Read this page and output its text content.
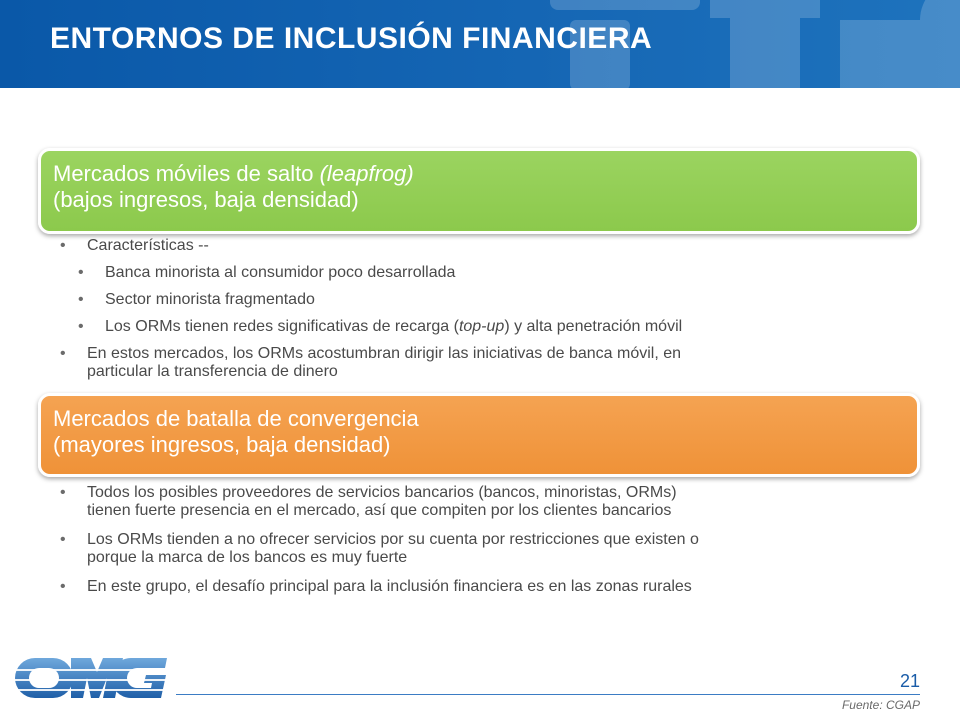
ENTORNOS DE INCLUSIÓN FINANCIERA
Mercados móviles de salto (leapfrog)
(bajos ingresos, baja densidad)
• Características --
• Banca minorista al consumidor poco desarrollada
• Sector minorista fragmentado
• Los ORMs tienen redes significativas de recarga (top-up) y alta penetración móvil
• En estos mercados, los ORMs acostumbran dirigir las iniciativas de banca móvil, en
particular la transferencia de dinero
Mercados de batalla de convergencia
(mayores ingresos, baja densidad)
• Todos los posibles proveedores de servicios bancarios (bancos, minoristas, ORMs)
tienen fuerte presencia en el mercado, así que compiten por los clientes bancarios
• Los ORMs tienden a no ofrecer servicios por su cuenta por restricciones que existen o
porque la marca de los bancos es muy fuerte
• En este grupo, el desafío principal para la inclusión financiera es en las zonas rurales
21
Fuente: CGAP
